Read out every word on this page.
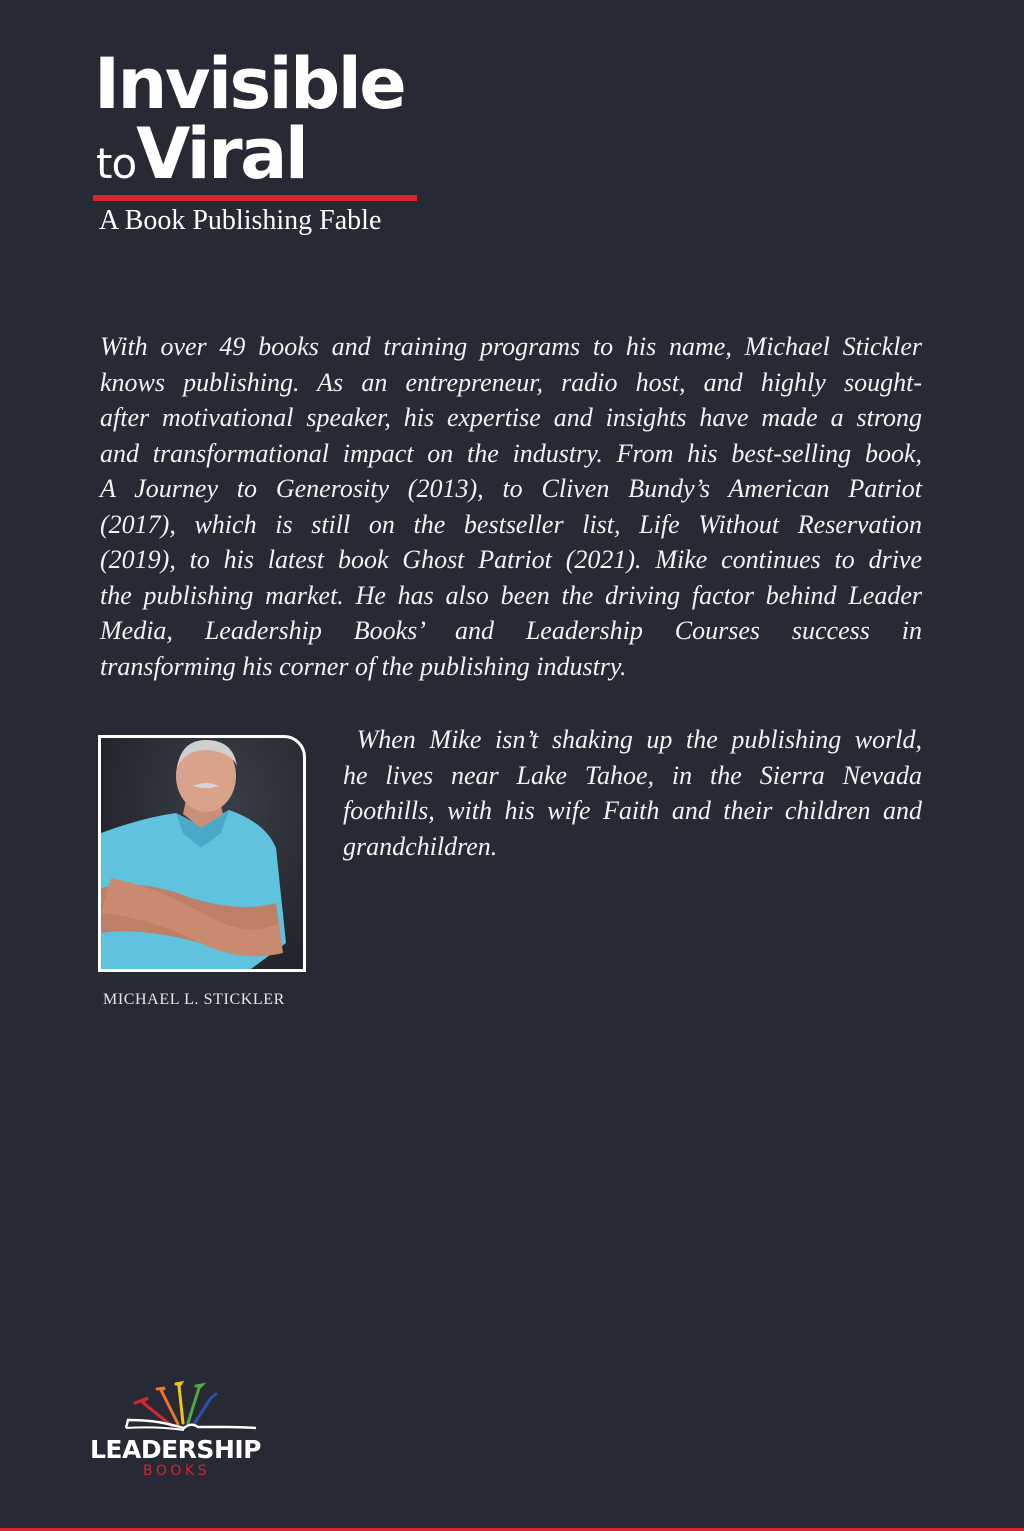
Invisible
toViral
A Book Publishing Fable
With over 49 books and training programs to his name, Michael Stickler
knows publishing. As an entrepreneur, radio host, and highly sought-
after motivational speaker, his expertise and insights have made a strong
and transformational impact on the industry. From his best-selling book,
A Journey to Generosity (2013), to Cliven Bundy’s American Patriot
(2017), which is still on the bestseller list, Life Without Reservation
(2019), to his latest book Ghost Patriot (2021). Mike continues to drive
the publishing market. He has also been the driving factor behind Leader
Media, Leadership Books’ and Leadership Courses success in
transforming his corner of the publishing industry.
MICHAEL L. STICKLER
When Mike isn’t shaking up the publishing world,
he lives near Lake Tahoe, in the Sierra Nevada
foothills, with his wife Faith and their children and
grandchildren.
LEADERSHIP
BOOKS
